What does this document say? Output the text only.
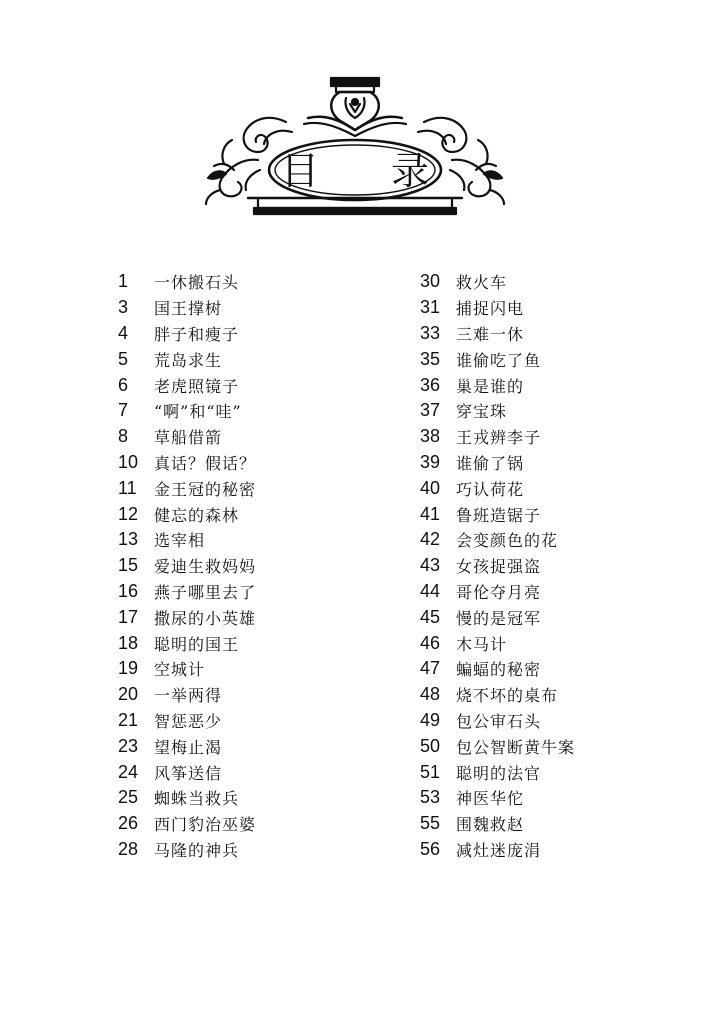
目 录
1	一休搬石头
3	国王撑树
4	胖子和瘦子
5	荒岛求生
6	老虎照镜子
7	“啊”和“哇”
8	草船借箭
10 真话？假话？
11	金王冠的秘密
12 健忘的森林
13 选宰相
15 爱迪生救妈妈
16 燕子哪里去了
17 撒尿的小英雄
18 聪明的国王
19 空城计
20 一举两得
21 智惩恶少
23 望梅止渴
24 风筝送信
25 蜘蛛当救兵
26 西门豹治巫婆
28 马隆的神兵
30 救火车
31 捕捉闪电
33 三难一休
35 谁偷吃了鱼
36 巢是谁的
37 穿宝珠
38 王戎辨李子
39 谁偷了锅
40 巧认荷花
41 鲁班造锯子
42 会变颜色的花
43 女孩捉强盗
44 哥伦夺月亮
45 慢的是冠军
46 木马计
47 蝙蝠的秘密
48 烧不坏的桌布
49 包公审石头
50 包公智断黄牛案
51 聪明的法官
53 神医华佗
55 围魏救赵
56 减灶迷庞涓
